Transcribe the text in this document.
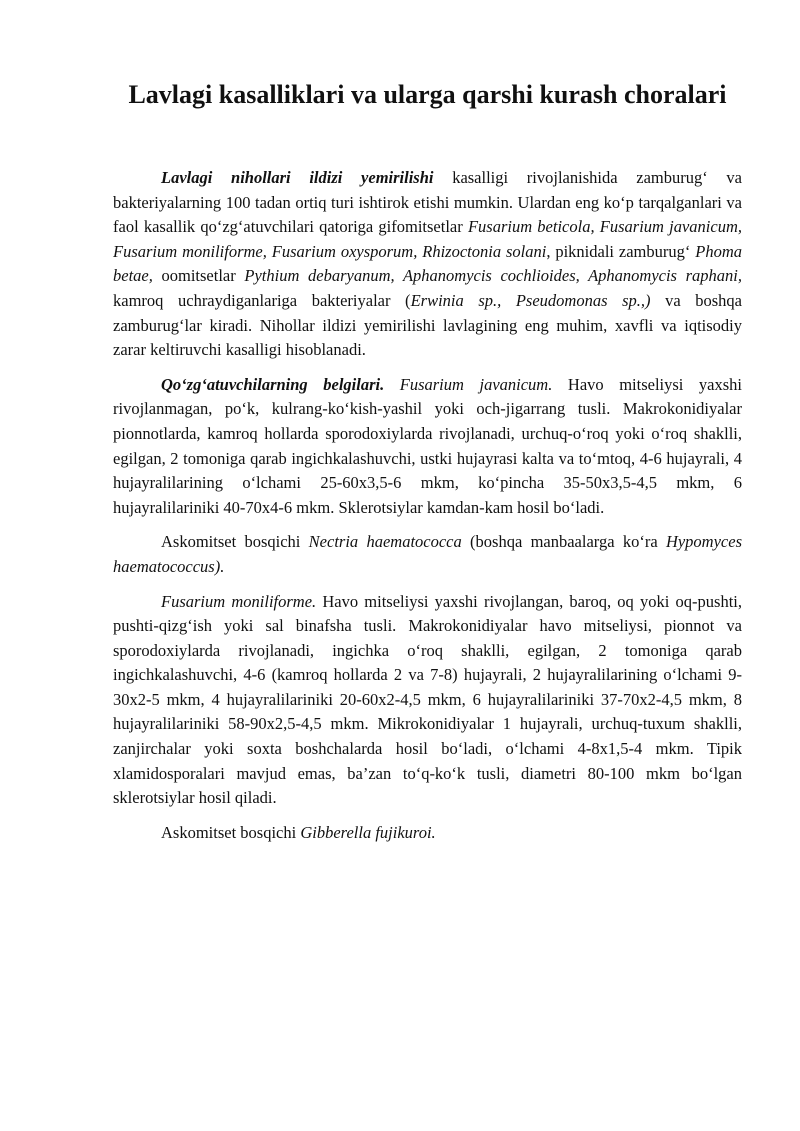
Lavlagi kasalliklari va ularga qarshi kurash choralari

Lavlagi nihollari ildizi yemirilishi kasalligi rivojlanishida zamburug‘ va bakteriyalarning 100 tadan ortiq turi ishtirok etishi mumkin. Ulardan eng ko‘p tarqalganlari va faol kasallik qo‘zg‘atuvchilari qatoriga gifomitsetlar Fusarium beticola, Fusarium javanicum, Fusarium moniliforme, Fusarium oxysporum, Rhizoctonia solani, piknidali zamburug‘ Phoma betae, oomitsetlar Pythium debaryanum, Aphanomycis cochlioides, Aphanomycis raphani, kamroq uchraydiganlariga bakteriyalar (Erwinia sp., Pseudomonas sp.,) va boshqa zamburug‘lar kiradi. Nihollar ildizi yemirilishi lavlagining eng muhim, xavfli va iqtisodiy zarar keltiruvchi kasalligi hisoblanadi.

Qo‘zg‘atuvchilarning belgilari. Fusarium javanicum. Havo mitseliysi yaxshi rivojlanmagan, po‘k, kulrang-ko‘kish-yashil yoki och-jigarrang tusli. Makrokonidiyalar pionnotlarda, kamroq hollarda sporodoxiylarda rivojlanadi, urchuq-o‘roq yoki o‘roq shaklli, egilgan, 2 tomoniga qarab ingichkalashuvchi, ustki hujayrasi kalta va to‘mtoq, 4-6 hujayrali, 4 hujayralilarining o‘lchami 25-60x3,5-6 mkm, ko‘pincha 35-50x3,5-4,5 mkm, 6 hujayralilariniki 40-70x4-6 mkm. Sklerotsiylar kamdan-kam hosil bo‘ladi.

Askomitset bosqichi Nectria haematococca (boshqa manbaalarga ko‘ra Hypomyces haematococcus).

Fusarium moniliforme. Havo mitseliysi yaxshi rivojlangan, baroq, oq yoki oq-pushti, pushti-qizg‘ish yoki sal binafsha tusli. Makrokonidiyalar havo mitseliysi, pionnot va sporodoxiylarda rivojlanadi, ingichka o‘roq shaklli, egilgan, 2 tomoniga qarab ingichkalashuvchi, 4-6 (kamroq hollarda 2 va 7-8) hujayrali, 2 hujayralilarining o‘lchami 9-30x2-5 mkm, 4 hujayralilariniki 20-60x2-4,5 mkm, 6 hujayralilariniki 37-70x2-4,5 mkm, 8 hujayralilariniki 58-90x2,5-4,5 mkm. Mikrokonidiyalar 1 hujayrali, urchuq-tuxum shaklli, zanjirchalar yoki soxta boshchalarda hosil bo‘ladi, o‘lchami 4-8x1,5-4 mkm. Tipik xlamidosporalari mavjud emas, ba’zan to‘q-ko‘k tusli, diametri 80-100 mkm bo‘lgan sklerotsiylar hosil qiladi.

Askomitset bosqichi Gibberella fujikuroi.
